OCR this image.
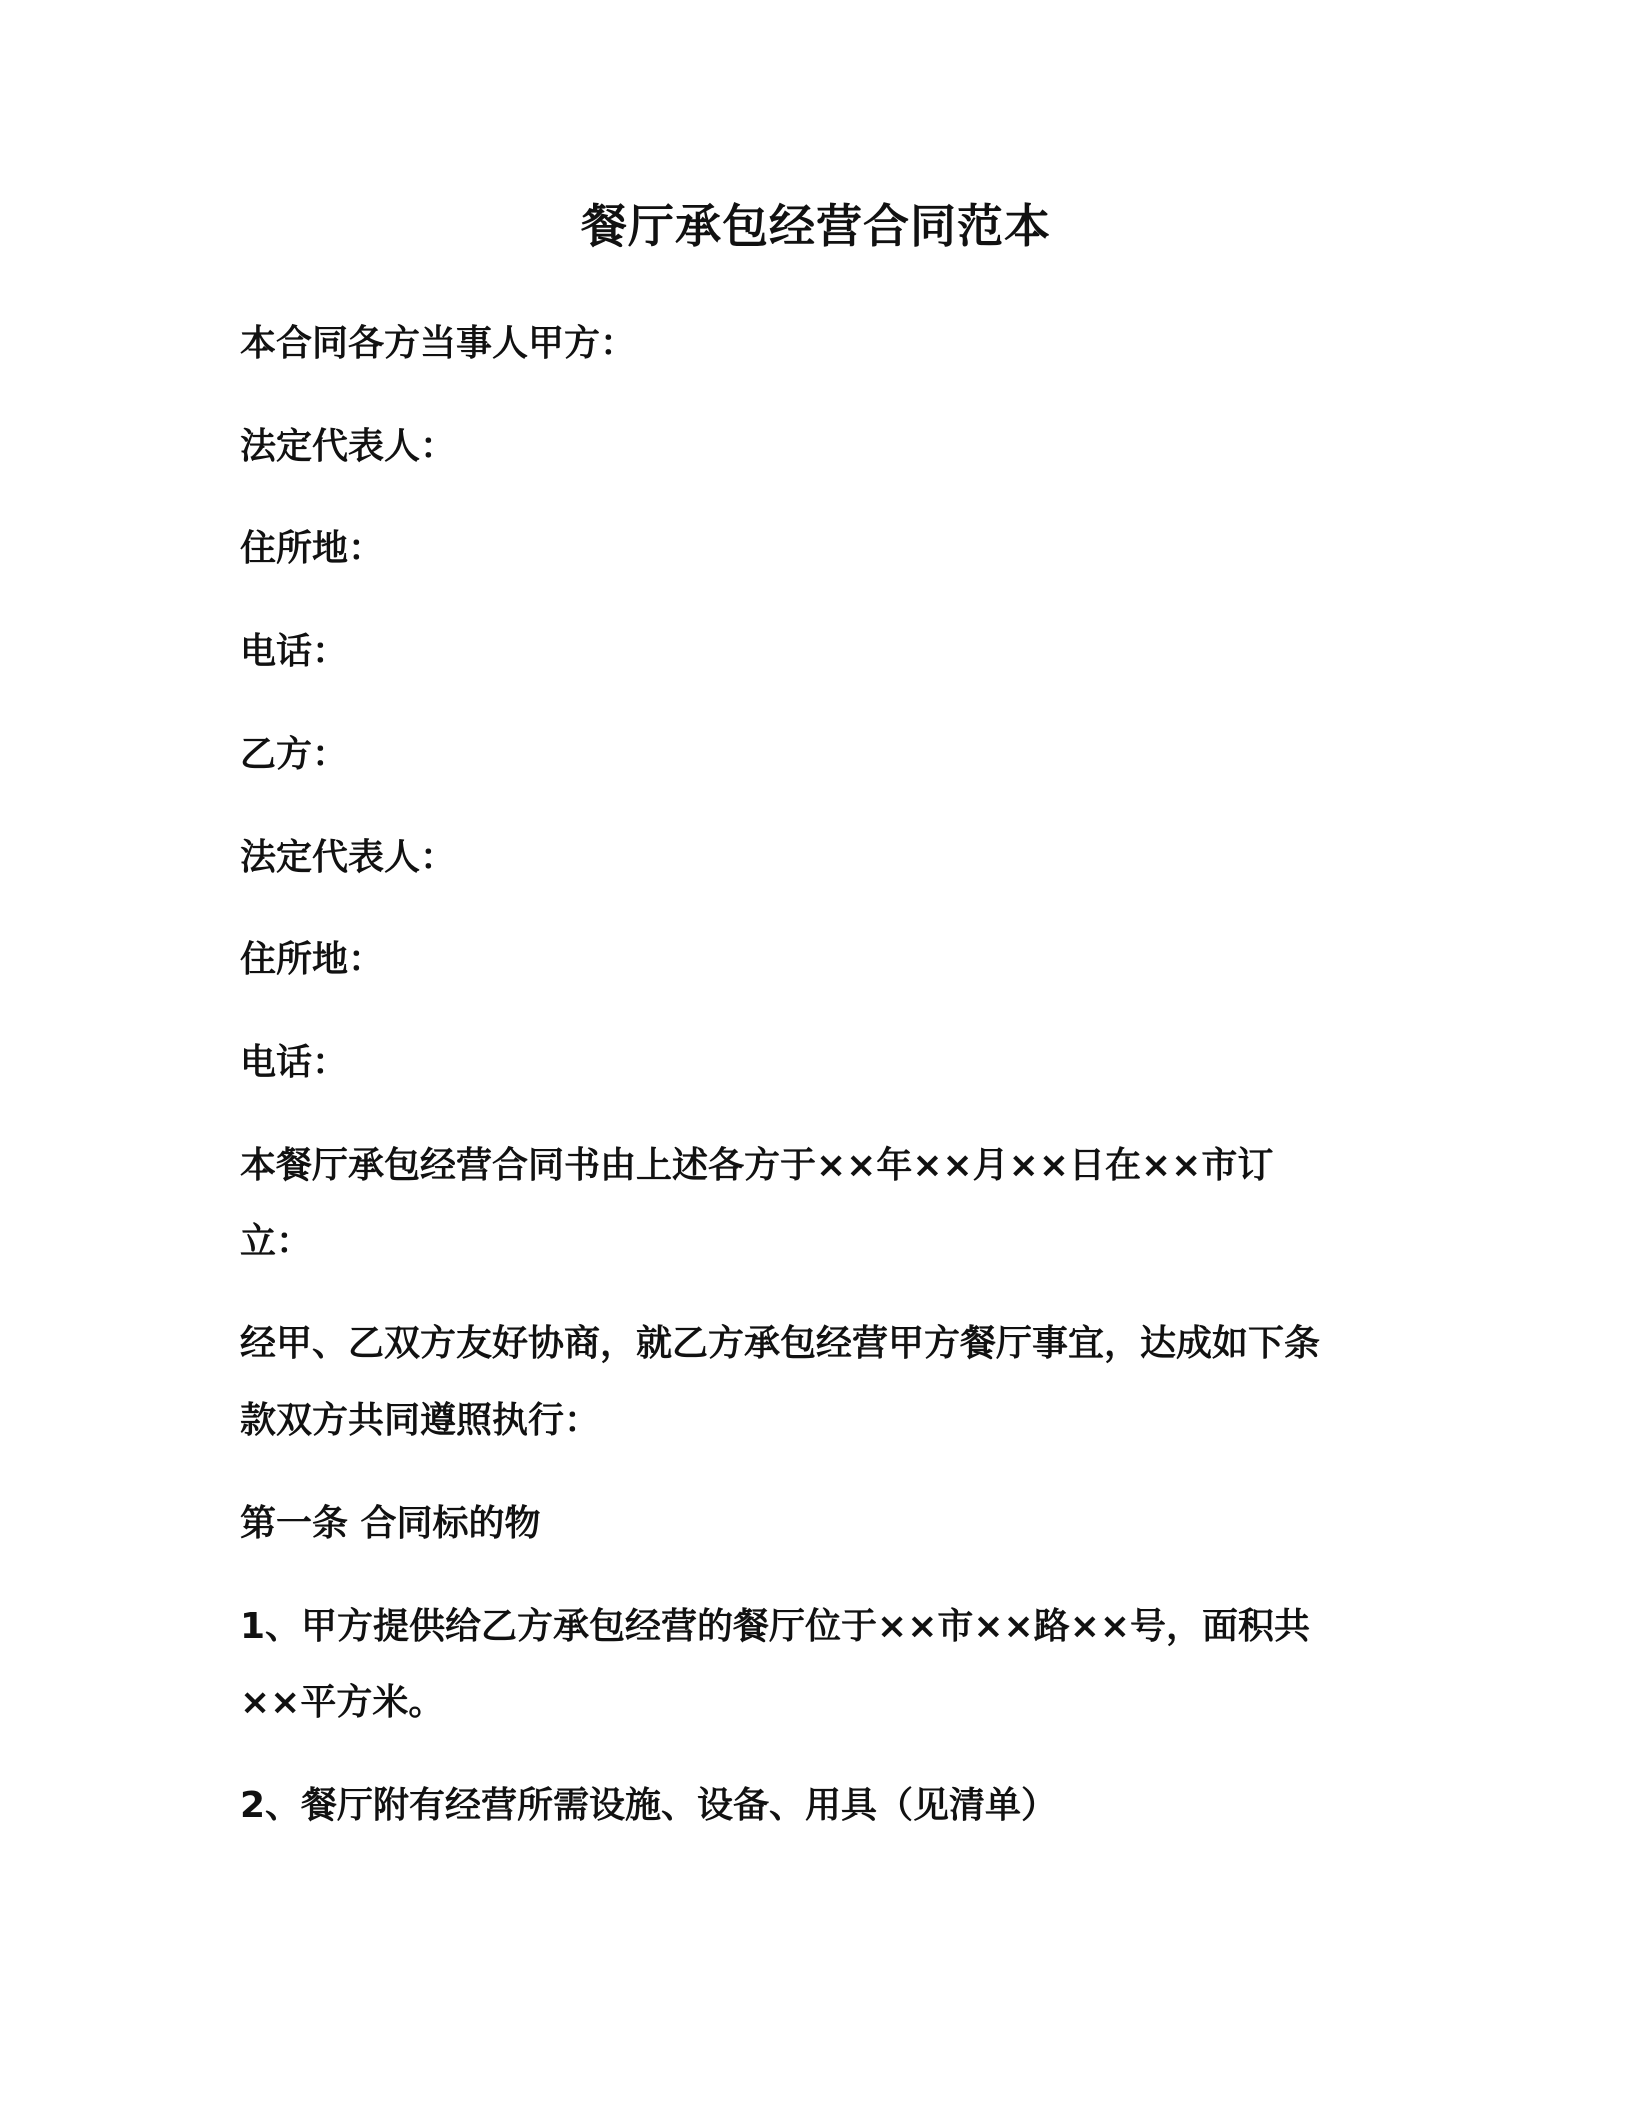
餐厅承包经营合同范本
本合同各方当事人甲方：
法定代表人：
住所地：
电话：
乙方：
法定代表人：
住所地：
电话：
本餐厅承包经营合同书由上述各方于××年××月××日在××市订
立：
经甲、乙双方友好协商，就乙方承包经营甲方餐厅事宜，达成如下条
款双方共同遵照执行：
第一条 合同标的物
1、甲方提供给乙方承包经营的餐厅位于××市××路××号，面积共
××平方米。
2、餐厅附有经营所需设施、设备、用具（见清单）
